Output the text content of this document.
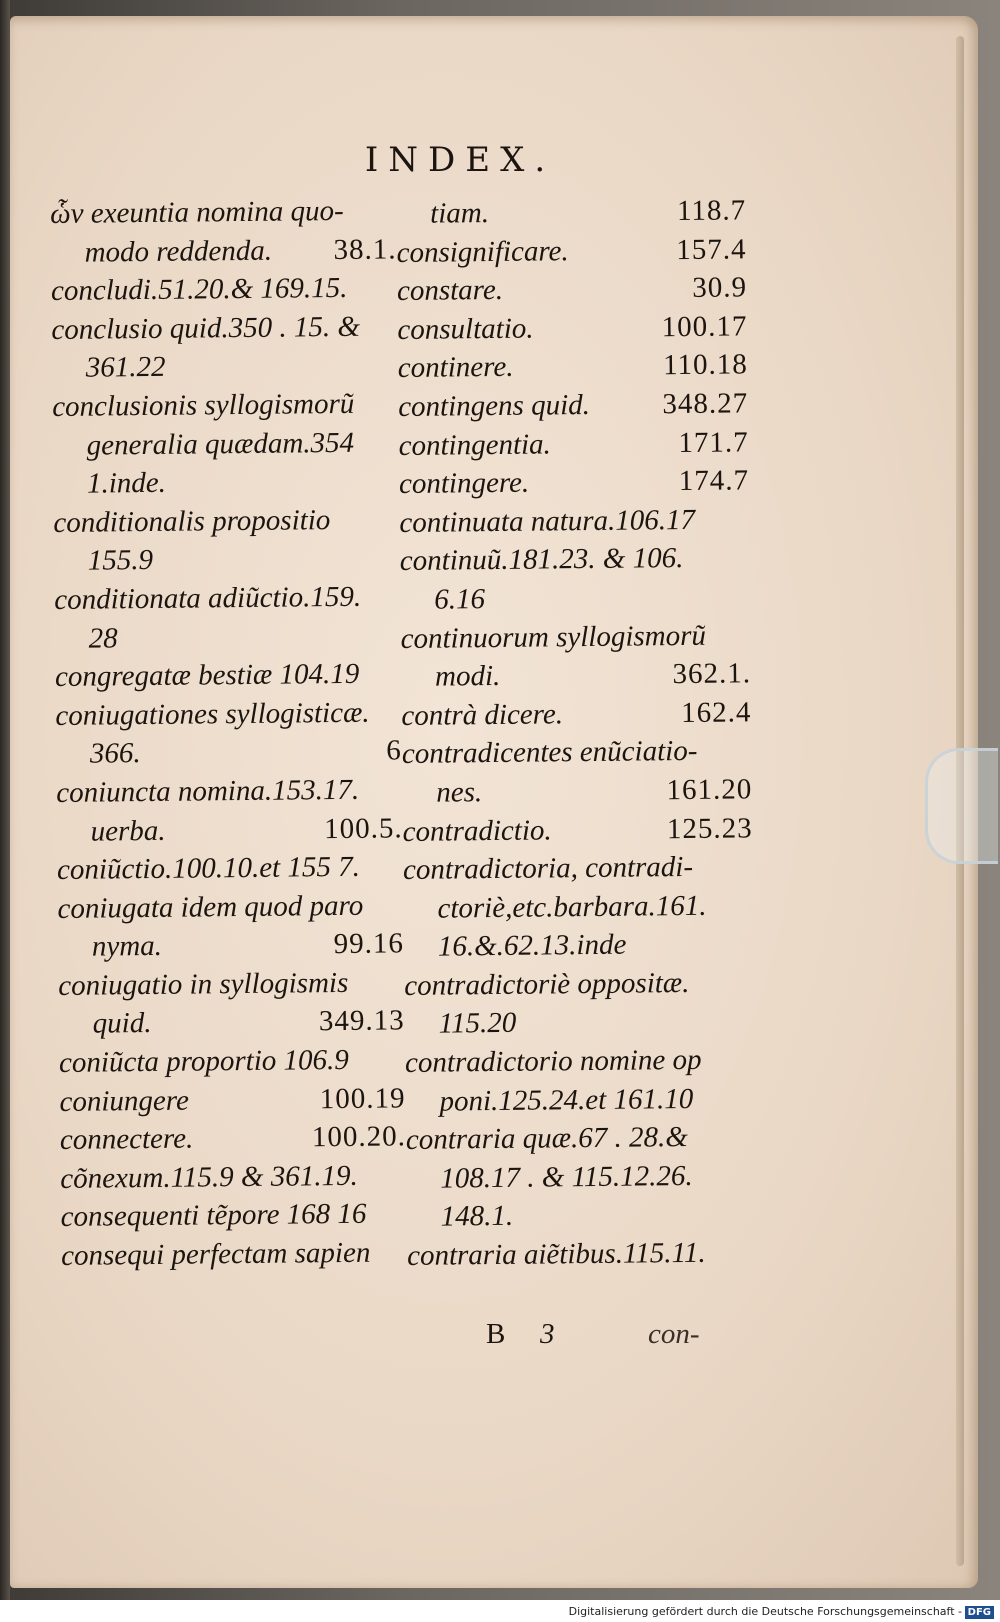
INDEX.
ὧν exeuntia nomina quo-
modo reddenda. 38.1.
concludi.51.20.& 169.15.
conclusio quid.350 . 15. &
361.22
conclusionis syllogismorũ
generalia quædam.354
1.inde.
conditionalis propositio
155.9
conditionata adiũctio.159.
28
congregatæ bestiæ 104.19
coniugationes syllogisticæ.
366.	6
coniuncta nomina.153.17.
uerba.	100.5.
coniũctio.100.10.et 155 7.
coniugata idem quod paro
nyma.	99.16
coniugatio in syllogismis
quid.	349.13
coniũcta proportio 106.9
coniungere	100.19
connectere.	100.20.
cõnexum.115.9 & 361.19.
consequenti tẽpore 168 16
consequi perfectam sapien
tiam.	118.7
consignificare.	157.4
constare.	30.9
consultatio.	100.17
continere.	110.18
contingens quid. 348.27
contingentia.	171.7
contingere.	174.7
continuata natura.106.17
continuũ.181.23. & 106.
6.16
continuorum syllogismorũ
modi.	362.1.
contrà dicere.	162.4
contradicentes enũciatio-
nes.	161.20
contradictio.	125.23
contradictoria, contradi-
ctoriè,etc.barbara.161.
16.&.62.13.inde
contradictoriè oppositæ.
115.20
contradictorio nomine op
poni.125.24.et 161.10
contraria quæ.67 . 28.&
108.17 . & 115.12.26.
148.1.
contraria aiẽtibus.115.11.
B 3	con-
Digitalisierung gefördert durch die Deutsche Forschungsgemeinschaft - DFG
